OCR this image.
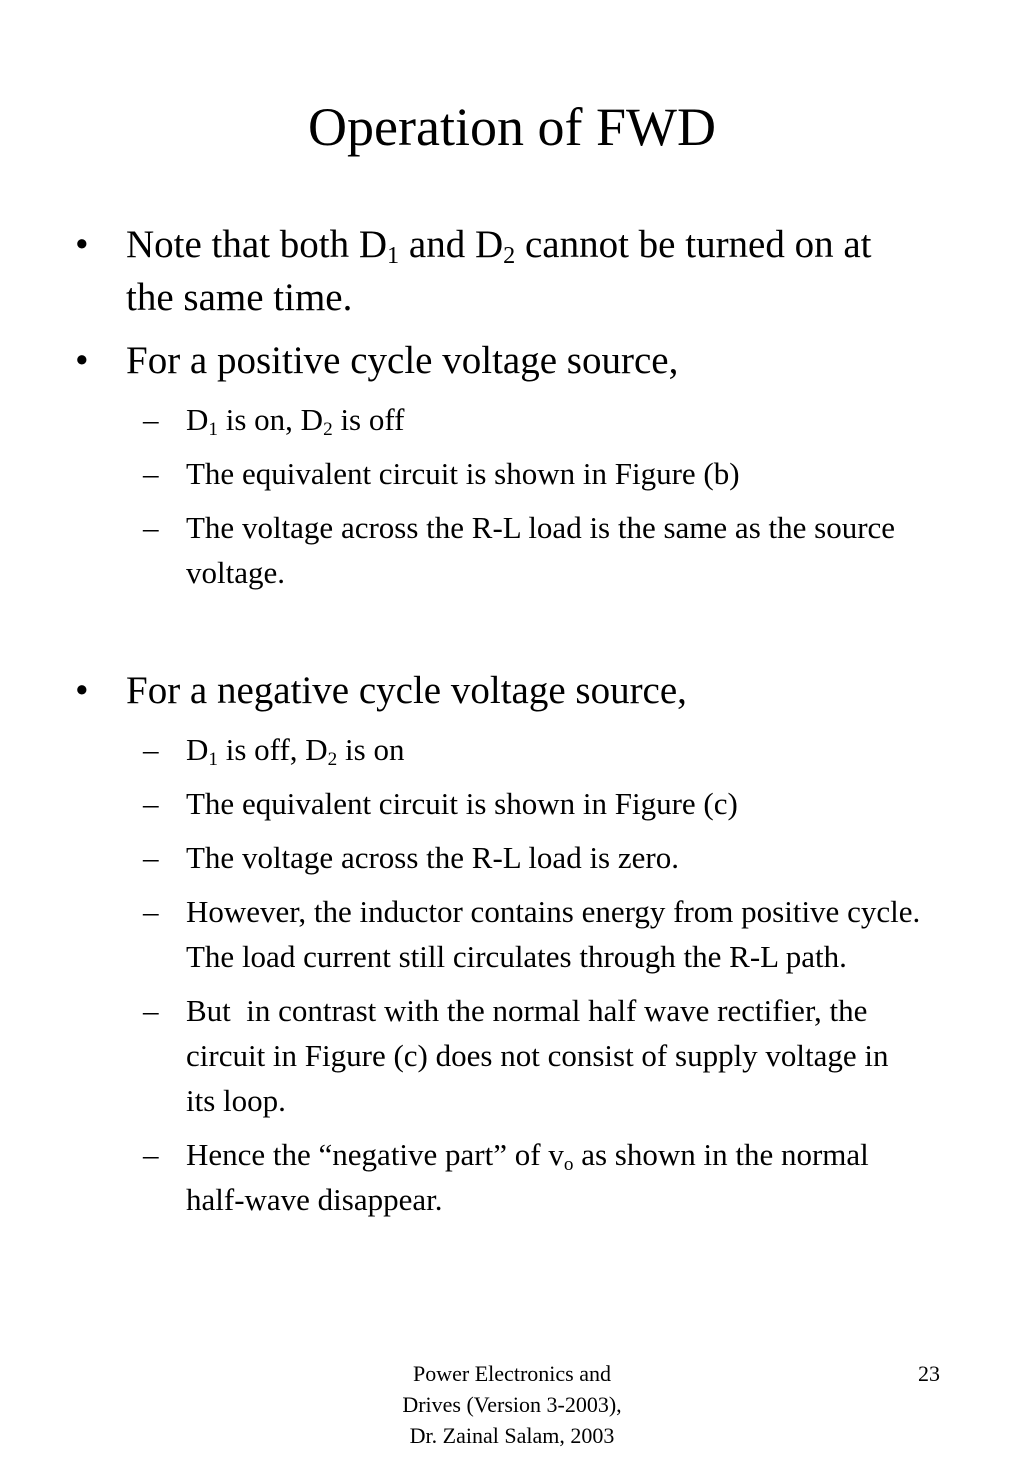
Operation of FWD
• Note that both $D_1$ and $D_2$ cannot be turned on at the same time.
• For a positive cycle voltage source,
– $D_1$ is on, $D_2$ is off
– The equivalent circuit is shown in Figure (b)
– The voltage across the R-L load is the same as the source voltage.
• For a negative cycle voltage source,
– $D_1$ is off, $D_2$ is on
– The equivalent circuit is shown in Figure (c)
– The voltage across the R-L load is zero.
– However, the inductor contains energy from positive cycle. The load current still circulates through the R-L path.
– But  in contrast with the normal half wave rectifier, the circuit in Figure (c) does not consist of supply voltage in its loop.
– Hence the “negative part” of $v_o$ as shown in the normal half-wave disappear.
Power Electronics and
Drives (Version 3-2003),
Dr. Zainal Salam, 2003
23
